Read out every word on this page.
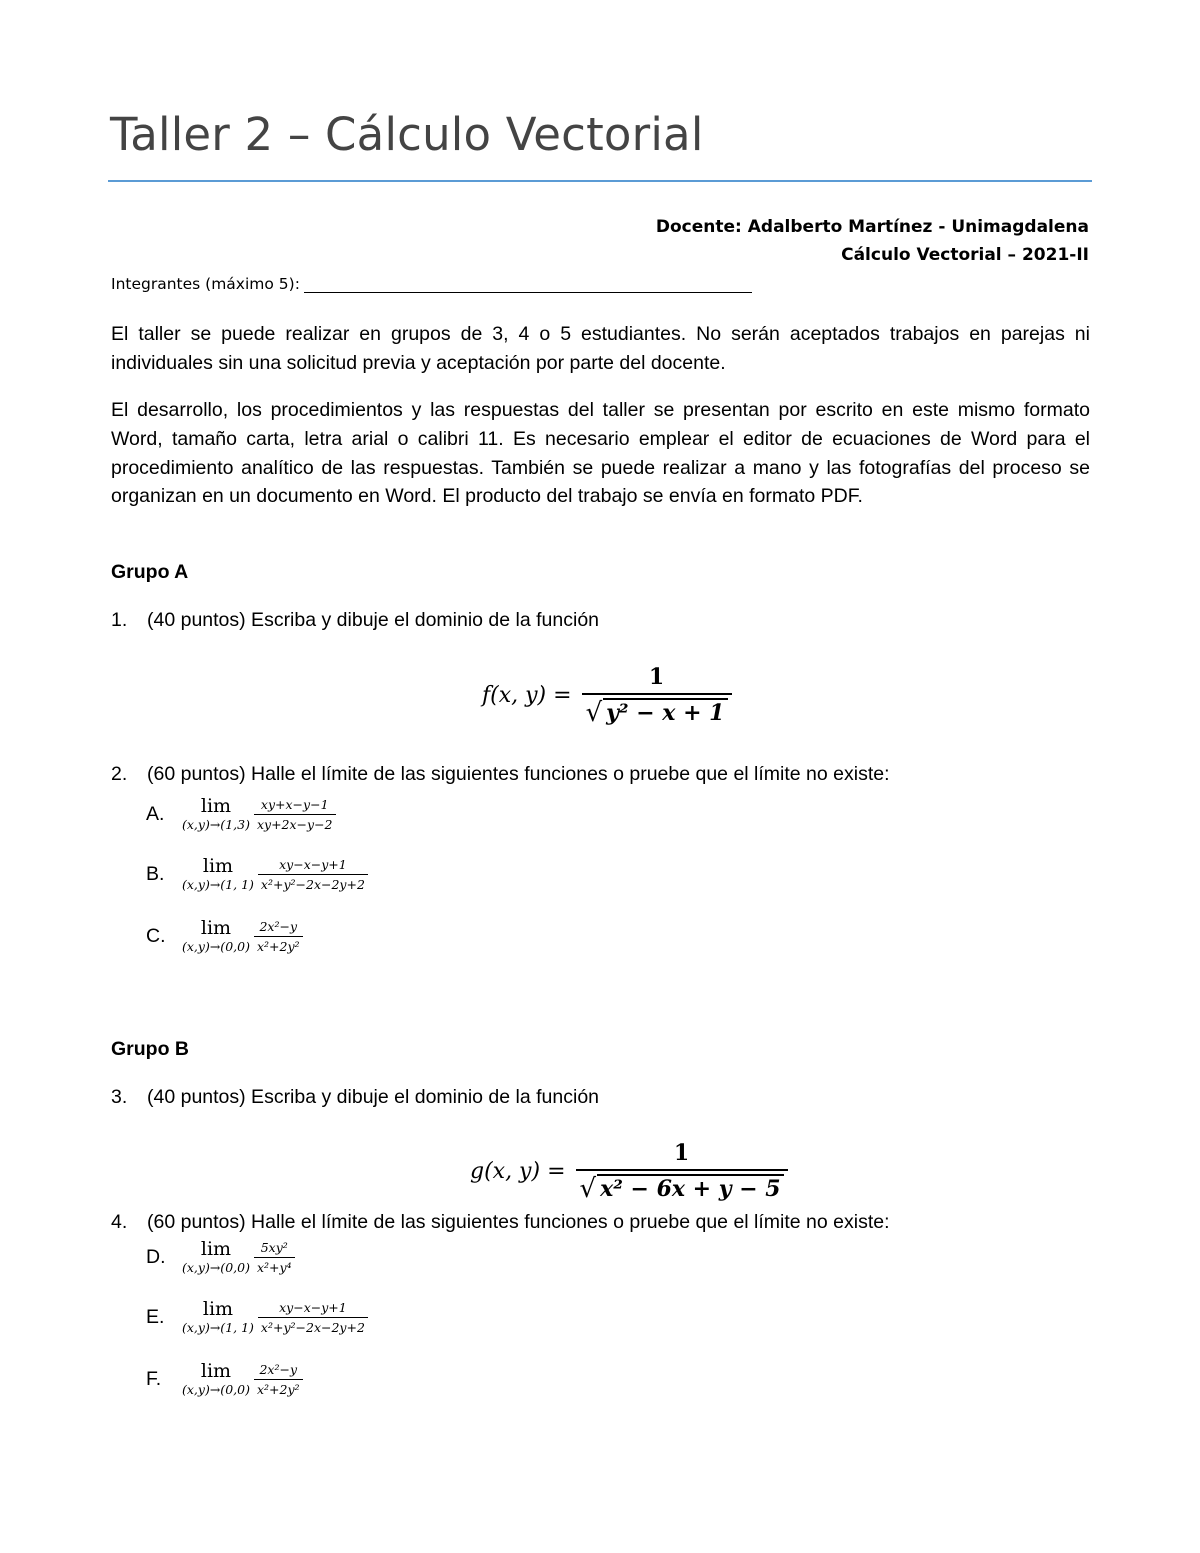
Taller 2 – Cálculo Vectorial
Docente: Adalberto Martínez - Unimagdalena
Cálculo Vectorial – 2021-II
Integrantes (máximo 5):

El taller se puede realizar en grupos de 3, 4 o 5 estudiantes. No serán aceptados trabajos en parejas ni individuales sin una solicitud previa y aceptación por parte del docente.

El desarrollo, los procedimientos y las respuestas del taller se presentan por escrito en este mismo formato Word, tamaño carta, letra arial o calibri 11. Es necesario emplear el editor de ecuaciones de Word para el procedimiento analítico de las respuestas. También se puede realizar a mano y las fotografías del proceso se organizan en un documento en Word. El producto del trabajo se envía en formato PDF.

Grupo A
1. (40 puntos) Escriba y dibuje el dominio de la función
f(x, $y) = \frac{1}{\text{√ y² − x + 1}}$
2. (60 puntos) Halle el límite de las siguientes funciones o pruebe que el límite no existe:
A.	lim
$(x,y)\to(1,3) \frac{xy+x-y-1}{xy+2x-y-2}$
B.	lim
(x,y)→(1, $1) \frac{xy-x-y+1}{\text{x²+y²−2x−2y+2}}$
C.	lim
$(x,y)\to(0,0) \frac{\text{2x²−y}}{\text{x²+2y²}}$
Grupo B
3. (40 puntos) Escriba y dibuje el dominio de la función
g(x, $y) = \frac{1}{\text{√ x² − 6x + y − 5}}$
4. (60 puntos) Halle el límite de las siguientes funciones o pruebe que el límite no existe:
D.	lim
$(x,y)\to(0,0) \frac{\text{5xy²}}{\text{x²+y⁴}}$
E.	lim
(x,y)→(1, $1) \frac{xy-x-y+1}{\text{x²+y²−2x−2y+2}}$
F.	lim
$(x,y)\to(0,0) \frac{\text{2x²−y}}{\text{x²+2y²}}$
